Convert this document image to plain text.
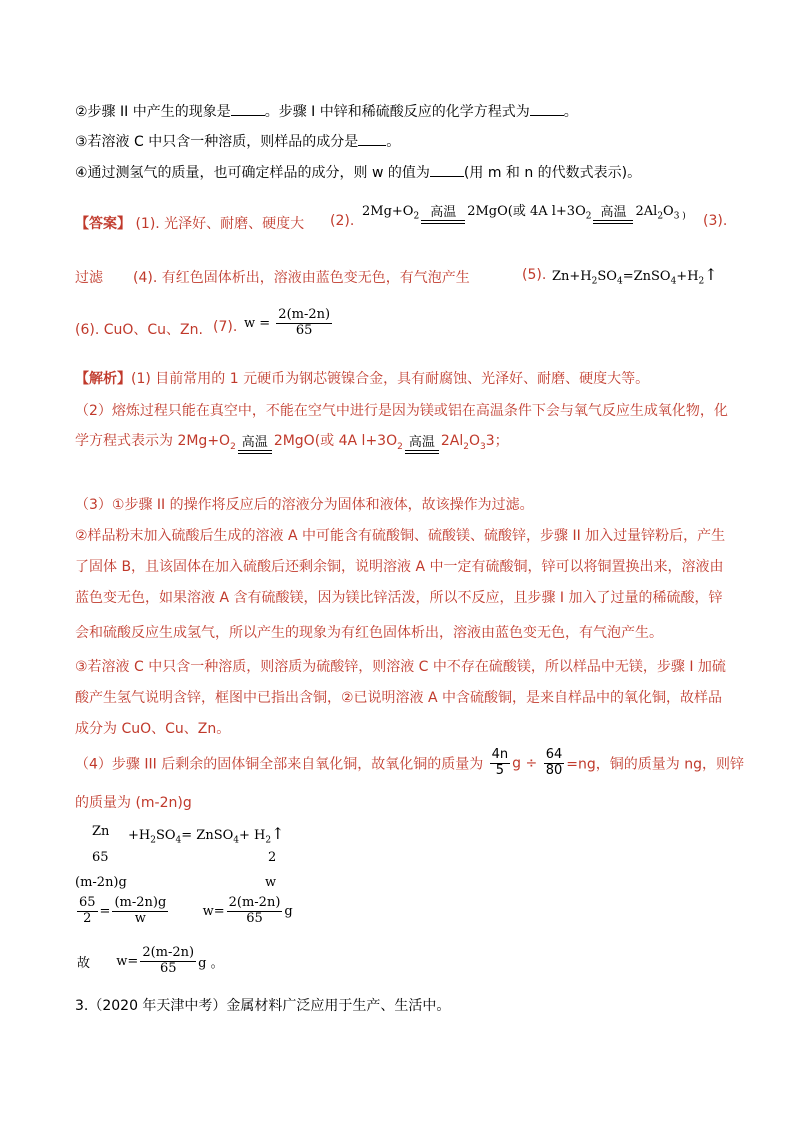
②步骤 II 中产生的现象是 。步骤 I 中锌和稀硫酸反应的化学方程式为 。
③若溶液 C 中只含一种溶质，则样品的成分是 。
④通过测氢气的质量，也可确定样品的成分，则 w 的值为 (用 m 和 n 的代数式表示)。
【答案】 (1). 光泽好、耐磨、硬度大 (2).
$2Mg+O_2$ 高温 2MgO(或 4A $l+3O_2$ 高温 $2Al_2O_{3 )}$ (3).
过滤 (4). 有红色固体析出，溶液由蓝色变无色，有气泡产生	(5). $Zn+H_2SO_4=ZnSO_4+H_2↑$
(6). CuO、Cu、Zn. (7). $w = \frac{2(m-2n)}{65}$
【解析】(1) 目前常用的 1 元硬币为钢芯镀镍合金，具有耐腐蚀、光泽好、耐磨、硬度大等。
（2）熔炼过程只能在真空中，不能在空气中进行是因为镁或铝在高温条件下会与氧气反应生成氧化物，化
学方程式表示为 $2Mg+O_2$ 高温 2MgO(或 4A $l+3O_2$ 高温 $2Al_2O_33$；
（3）①步骤 II 的操作将反应后的溶液分为固体和液体，故该操作为过滤。
②样品粉末加入硫酸后生成的溶液 A 中可能含有硫酸铜、硫酸镁、硫酸锌，步骤 II 加入过量锌粉后，产生
了固体 B，且该固体在加入硫酸后还剩余铜，说明溶液 A 中一定有硫酸铜，锌可以将铜置换出来，溶液由
蓝色变无色，如果溶液 A 含有硫酸镁，因为镁比锌活泼，所以不反应，且步骤 I 加入了过量的稀硫酸，锌
会和硫酸反应生成氢气，所以产生的现象为有红色固体析出，溶液由蓝色变无色，有气泡产生。
③若溶液 C 中只含一种溶质，则溶质为硫酸锌，则溶液 C 中不存在硫酸镁，所以样品中无镁，步骤 I 加硫
酸产生氢气说明含锌，框图中已指出含铜，②已说明溶液 A 中含硫酸铜，是来自样品中的氧化铜，故样品
成分为 CuO、Cu、Zn。
（4）步骤 III 后剩余的固体铜全部来自氧化铜，故氧化铜的质量为 $\frac{4n}{5}$ $g \div \frac{64}{80} =ng$，铜的质量为 ng，则锌
的质量为 (m-2n)g
$Zn +H_2SO_4=$ ZnSO$_4$+ $H_2↑$
65	2
(m-2n)g	w
$\frac{65}{2} = \frac{(m-2n)g}{w}$	$w= \frac{2(m-2n)}{65}$ g
故 $w= \frac{2(m-2n)}{65}$ g 。
3.（2020 年天津中考）金属材料广泛应用于生产、生活中。
